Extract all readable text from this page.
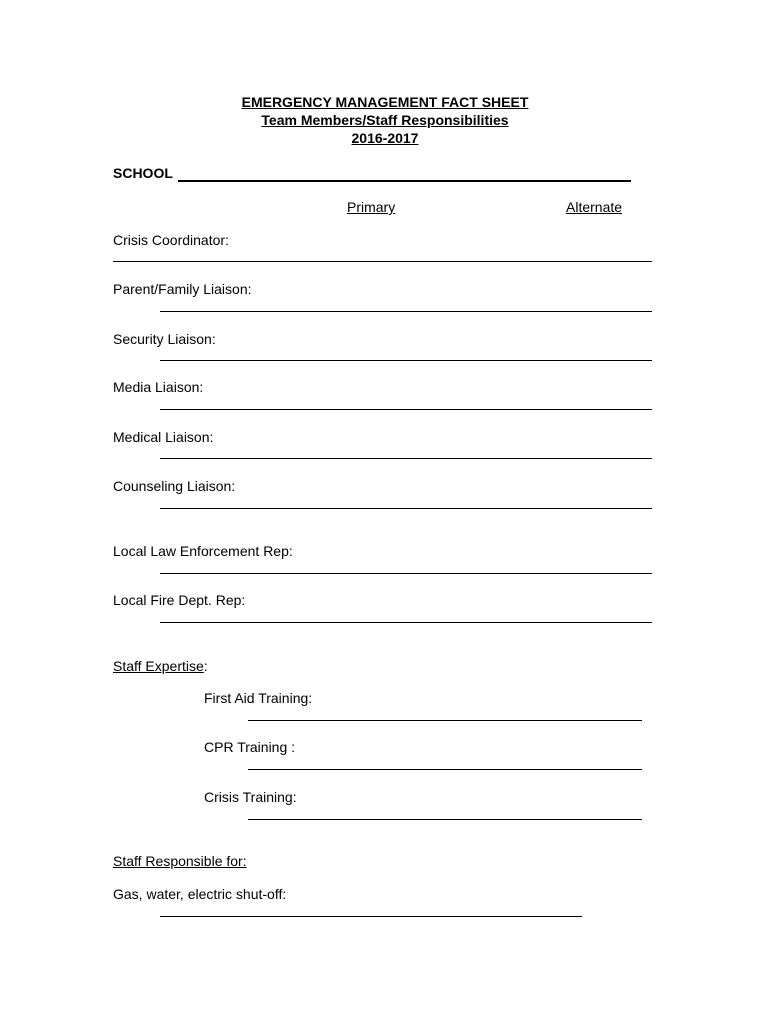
EMERGENCY MANAGEMENT FACT SHEET
Team Members/Staff Responsibilities
2016-2017
SCHOOL
Primary	Alternate
Crisis Coordinator:
Parent/Family Liaison:
Security Liaison:
Media Liaison:
Medical Liaison:
Counseling Liaison:
Local Law Enforcement Rep:
Local Fire Dept. Rep:
Staff Expertise:
First Aid Training:
CPR Training :
Crisis Training:
Staff Responsible for:
Gas, water, electric shut-off:
